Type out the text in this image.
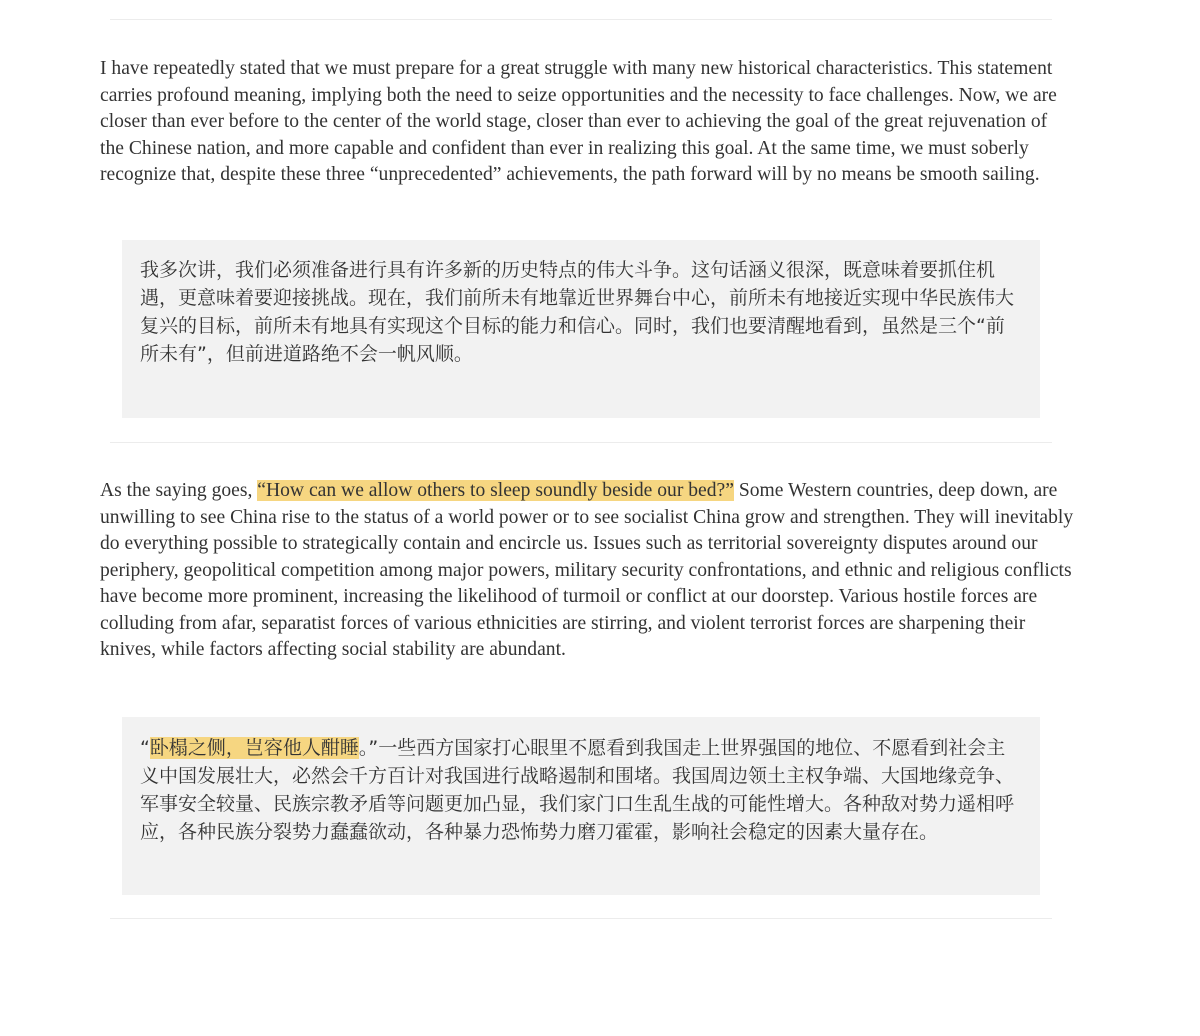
I have repeatedly stated that we must prepare for a great struggle with many new historical characteristics. This statement carries profound meaning, implying both the need to seize opportunities and the necessity to face challenges. Now, we are closer than ever before to the center of the world stage, closer than ever to achieving the goal of the great rejuvenation of the Chinese nation, and more capable and confident than ever in realizing this goal. At the same time, we must soberly recognize that, despite these three “unprecedented” achievements, the path forward will by no means be smooth sailing.

我多次讲，我们必须准备进行具有许多新的历史特点的伟大斗争。这句话涵义很深，既意味着要抓住机遇，更意味着要迎接挑战。现在，我们前所未有地靠近世界舞台中心，前所未有地接近实现中华民族伟大复兴的目标，前所未有地具有实现这个目标的能力和信心。同时，我们也要清醒地看到，虽然是三个“前所未有”，但前进道路绝不会一帆风顺。

As the saying goes, “How can we allow others to sleep soundly beside our bed?” Some Western countries, deep down, are unwilling to see China rise to the status of a world power or to see socialist China grow and strengthen. They will inevitably do everything possible to strategically contain and encircle us. Issues such as territorial sovereignty disputes around our periphery, geopolitical competition among major powers, military security confrontations, and ethnic and religious conflicts have become more prominent, increasing the likelihood of turmoil or conflict at our doorstep. Various hostile forces are colluding from afar, separatist forces of various ethnicities are stirring, and violent terrorist forces are sharpening their knives, while factors affecting social stability are abundant.

“卧榻之侧，岂容他人酣睡。”一些西方国家打心眼里不愿看到我国走上世界强国的地位、不愿看到社会主义中国发展壮大，必然会千方百计对我国进行战略遏制和围堵。我国周边领土主权争端、大国地缘竞争、军事安全较量、民族宗教矛盾等问题更加凸显，我们家门口生乱生战的可能性增大。各种敌对势力遥相呼应，各种民族分裂势力蠢蠢欲动，各种暴力恐怖势力磨刀霍霍，影响社会稳定的因素大量存在。
